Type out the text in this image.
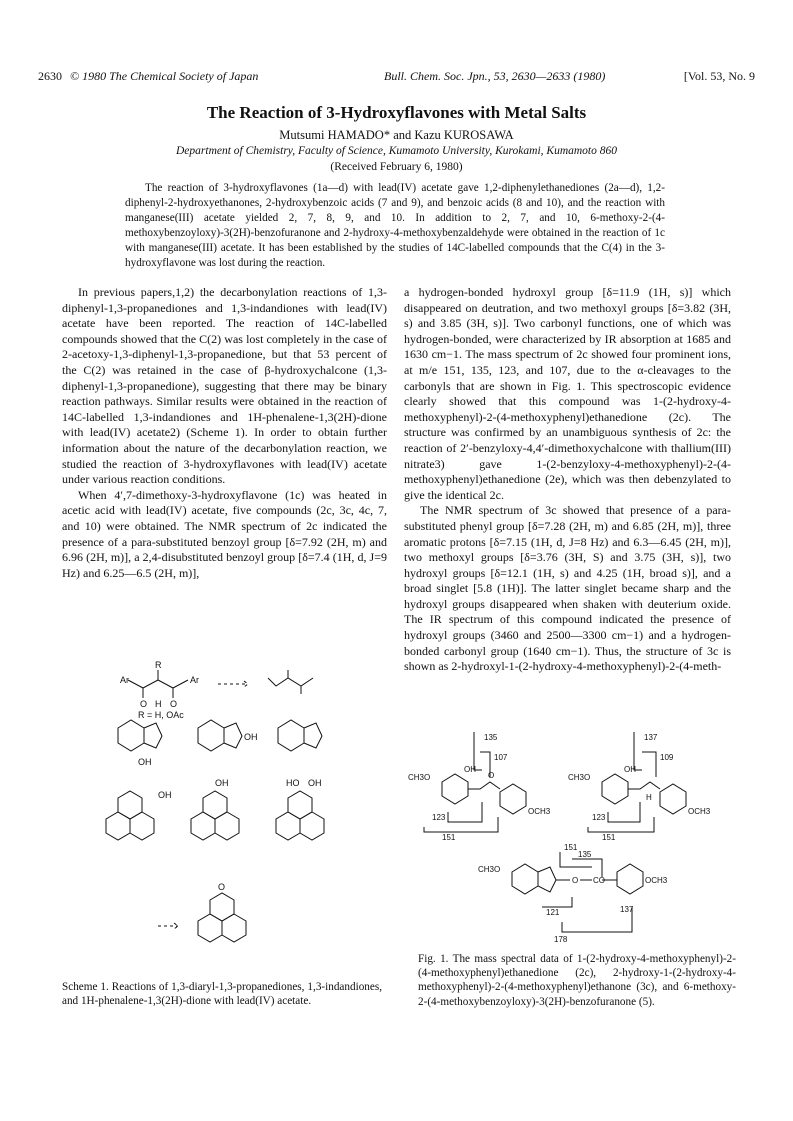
2630 © 1980 The Chemical Society of Japan	Bull. Chem. Soc. Jpn., 53, 2630—2633 (1980)	[Vol. 53, No. 9
The Reaction of 3-Hydroxyflavones with Metal Salts
Mutsumi HAMADO* and Kazu KUROSAWA
Department of Chemistry, Faculty of Science, Kumamoto University, Kurokami, Kumamoto 860
(Received February 6, 1980)
The reaction of 3-hydroxyflavones (1a—d) with lead(IV) acetate gave 1,2-diphenylethanediones (2a—d), 1,2-diphenyl-2-hydroxyethanones, 2-hydroxybenzoic acids (7 and 9), and benzoic acids (8 and 10), and the reaction with manganese(III) acetate yielded 2, 7, 8, 9, and 10. In addition to 2, 7, and 10, 6-methoxy-2-(4-methoxybenzoyloxy)-3(2H)-benzofuranone and 2-hydroxy-4-methoxybenzaldehyde were obtained in the reaction of 1c with manganese(III) acetate. It has been established by the studies of 14C-labelled compounds that the C(4) in the 3-hydroxyflavone was lost during the reaction.

In previous papers,1,2) the decarbonylation reactions of 1,3-diphenyl-1,3-propanediones and 1,3-indandiones with lead(IV) acetate have been reported. The reaction of 14C-labelled compounds showed that the C(2) was lost completely in the case of 2-acetoxy-1,3-diphenyl-1,3-propanedione, but that 53 percent of the C(2) was retained in the case of β-hydroxychalcone (1,3-diphenyl-1,3-propanedione), suggesting that there may be binary reaction pathways. Similar results were obtained in the reaction of 14C-labelled 1,3-indandiones and 1H-phenalene-1,3(2H)-dione with lead(IV) acetate2) (Scheme 1). In order to obtain further information about the nature of the decarbonylation reaction, we studied the reaction of 3-hydroxyflavones with lead(IV) acetate under various reaction conditions.

When 4′,7-dimethoxy-3-hydroxyflavone (1c) was heated in acetic acid with lead(IV) acetate, five compounds (2c, 3c, 4c, 7, and 10) were obtained. The NMR spectrum of 2c indicated the presence of a para-substituted benzoyl group [δ=7.92 (2H, m) and 6.96 (2H, m)], a 2,4-disubstituted benzoyl group [δ=7.4 (1H, d, J=9 Hz) and 6.25—6.5 (2H, m)],

a hydrogen-bonded hydroxyl group [δ=11.9 (1H, s)] which disappeared on deutration, and two methoxyl groups [δ=3.82 (3H, s) and 3.85 (3H, s)]. Two carbonyl functions, one of which was hydrogen-bonded, were characterized by IR absorption at 1685 and 1630 cm−1. The mass spectrum of 2c showed four prominent ions, at m/e 151, 135, 123, and 107, due to the α-cleavages to the carbonyls that are shown in Fig. 1. This spectroscopic evidence clearly showed that this compound was 1-(2-hydroxy-4-methoxyphenyl)-2-(4-methoxyphenyl)ethanedione (2c). The structure was confirmed by an unambiguous synthesis of 2c: the reaction of 2′-benzyloxy-4,4′-dimethoxychalcone with thallium(III) nitrate3) gave 1-(2-benzyloxy-4-methoxyphenyl)-2-(4-methoxyphenyl)ethanedione (2e), which was then debenzylated to give the identical 2c.

The NMR spectrum of 3c showed that presence of a para-substituted phenyl group [δ=7.28 (2H, m) and 6.85 (2H, m)], three aromatic protons [δ=7.15 (1H, d, J=8 Hz) and 6.3—6.45 (2H, m)], two methoxyl groups [δ=3.76 (3H, S) and 3.75 (3H, s)], two hydroxyl groups [δ=12.1 (1H, s) and 4.25 (1H, broad s)], and a broad singlet [5.8 (1H)]. The latter singlet became sharp and the hydroxyl groups disappeared when shaken with deuterium oxide. The IR spectrum of this compound indicated the presence of hydroxyl groups (3460 and 2500—3300 cm−1) and a hydrogen-bonded carbonyl group (1640 cm−1). Thus, the structure of 3c is shown as 2-hydroxyl-1-(2-hydroxy-4-methoxyphenyl)-2-(4-meth-

Ar	Ar
R
O H O
R = H, OAc
OH
OH
OH
OH	HO OH
O
Scheme 1. Reactions of 1,3-diaryl-1,3-propanediones, 1,3-indandiones, and 1H-phenalene-1,3(2H)-dione with lead(IV) acetate.
CH3O
OH
O
OCH3
135
107
123
151
CH3O
OH
H
OCH3
137
109
123
151
CH3O
O CO	OCH3
151
135
121
178
137
Fig. 1. The mass spectral data of 1-(2-hydroxy-4-methoxyphenyl)-2-(4-methoxyphenyl)ethanedione (2c), 2-hydroxy-1-(2-hydroxy-4-methoxyphenyl)-2-(4-methoxyphenyl)ethanone (3c), and 6-methoxy-2-(4-methoxybenzoyloxy)-3(2H)-benzofuranone (5).
